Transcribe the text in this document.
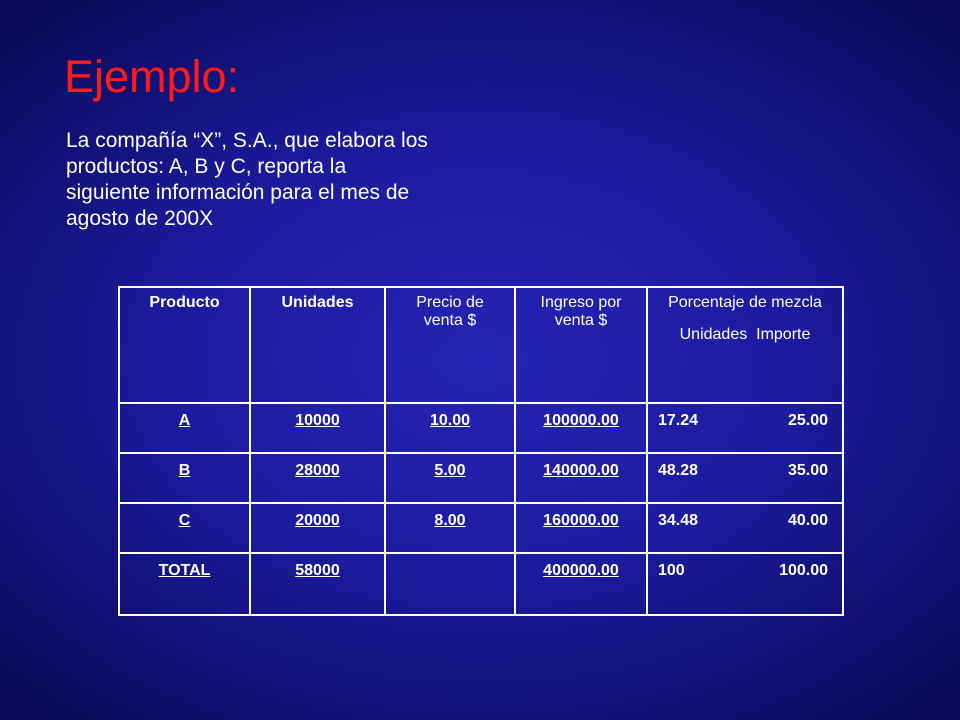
Ejemplo:

La compañía “X”, S.A., que elabora los
productos: A, B y C, reporta la
siguiente información para el mes de
agosto de 200X

Producto	Unidades	Precio de venta $	Ingreso por venta $	Porcentaje de mezcla
Unidades  Importe

A	10000	10.00	100000.00	17.24 25.00

B	28000	5.00	140000.00	48.28 35.00

C	20000	8.00	160000.00	34.48 40.00

TOTAL	58000		400000.00	100 100.00
